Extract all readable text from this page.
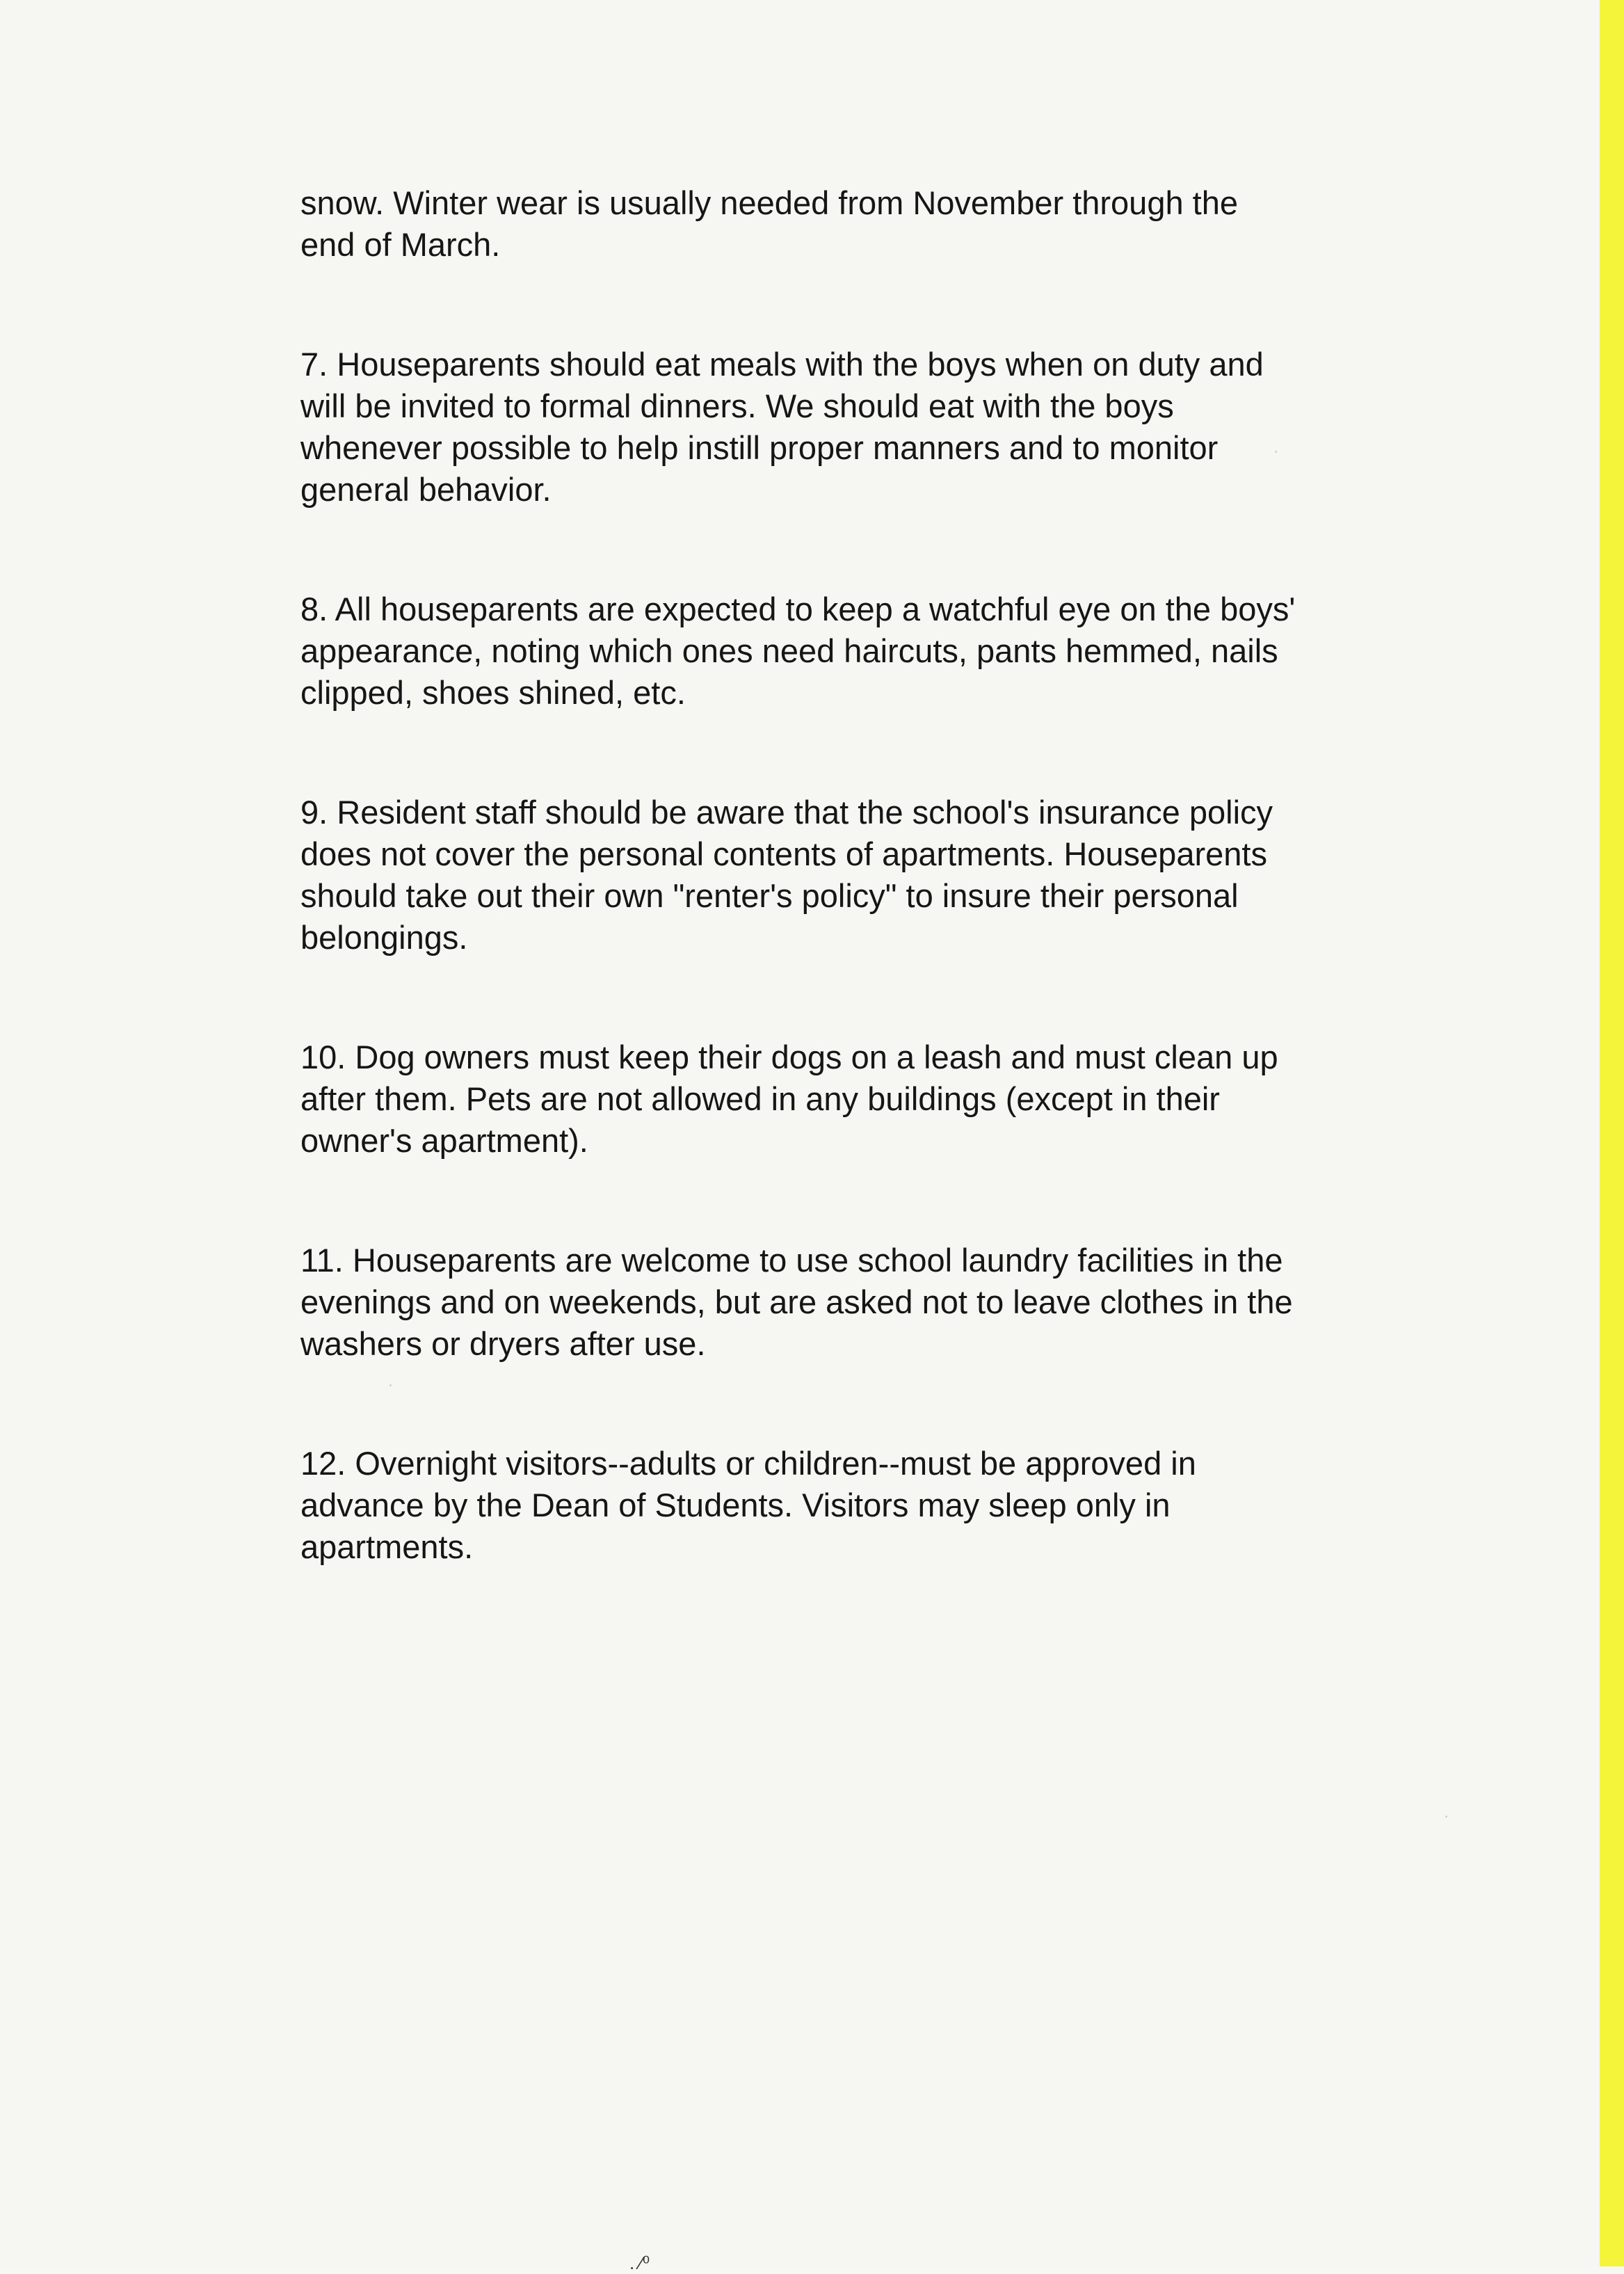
snow. Winter wear is usually needed from November through the
end of March.

7. Houseparents should eat meals with the boys when on duty and
will be invited to formal dinners. We should eat with the boys
whenever possible to help instill proper manners and to monitor
general behavior.

8. All houseparents are expected to keep a watchful eye on the boys'
appearance, noting which ones need haircuts, pants hemmed, nails
clipped, shoes shined, etc.

9. Resident staff should be aware that the school's insurance policy
does not cover the personal contents of apartments. Houseparents
should take out their own "renter's policy" to insure their personal
belongings.

10. Dog owners must keep their dogs on a leash and must clean up
after them. Pets are not allowed in any buildings (except in their
owner's apartment).

11. Houseparents are welcome to use school laundry facilities in the
evenings and on weekends, but are asked not to leave clothes in the
washers or dryers after use.

12. Overnight visitors--adults or children--must be approved in
advance by the Dean of Students. Visitors may sleep only in
apartments.

. ⁄⁰
